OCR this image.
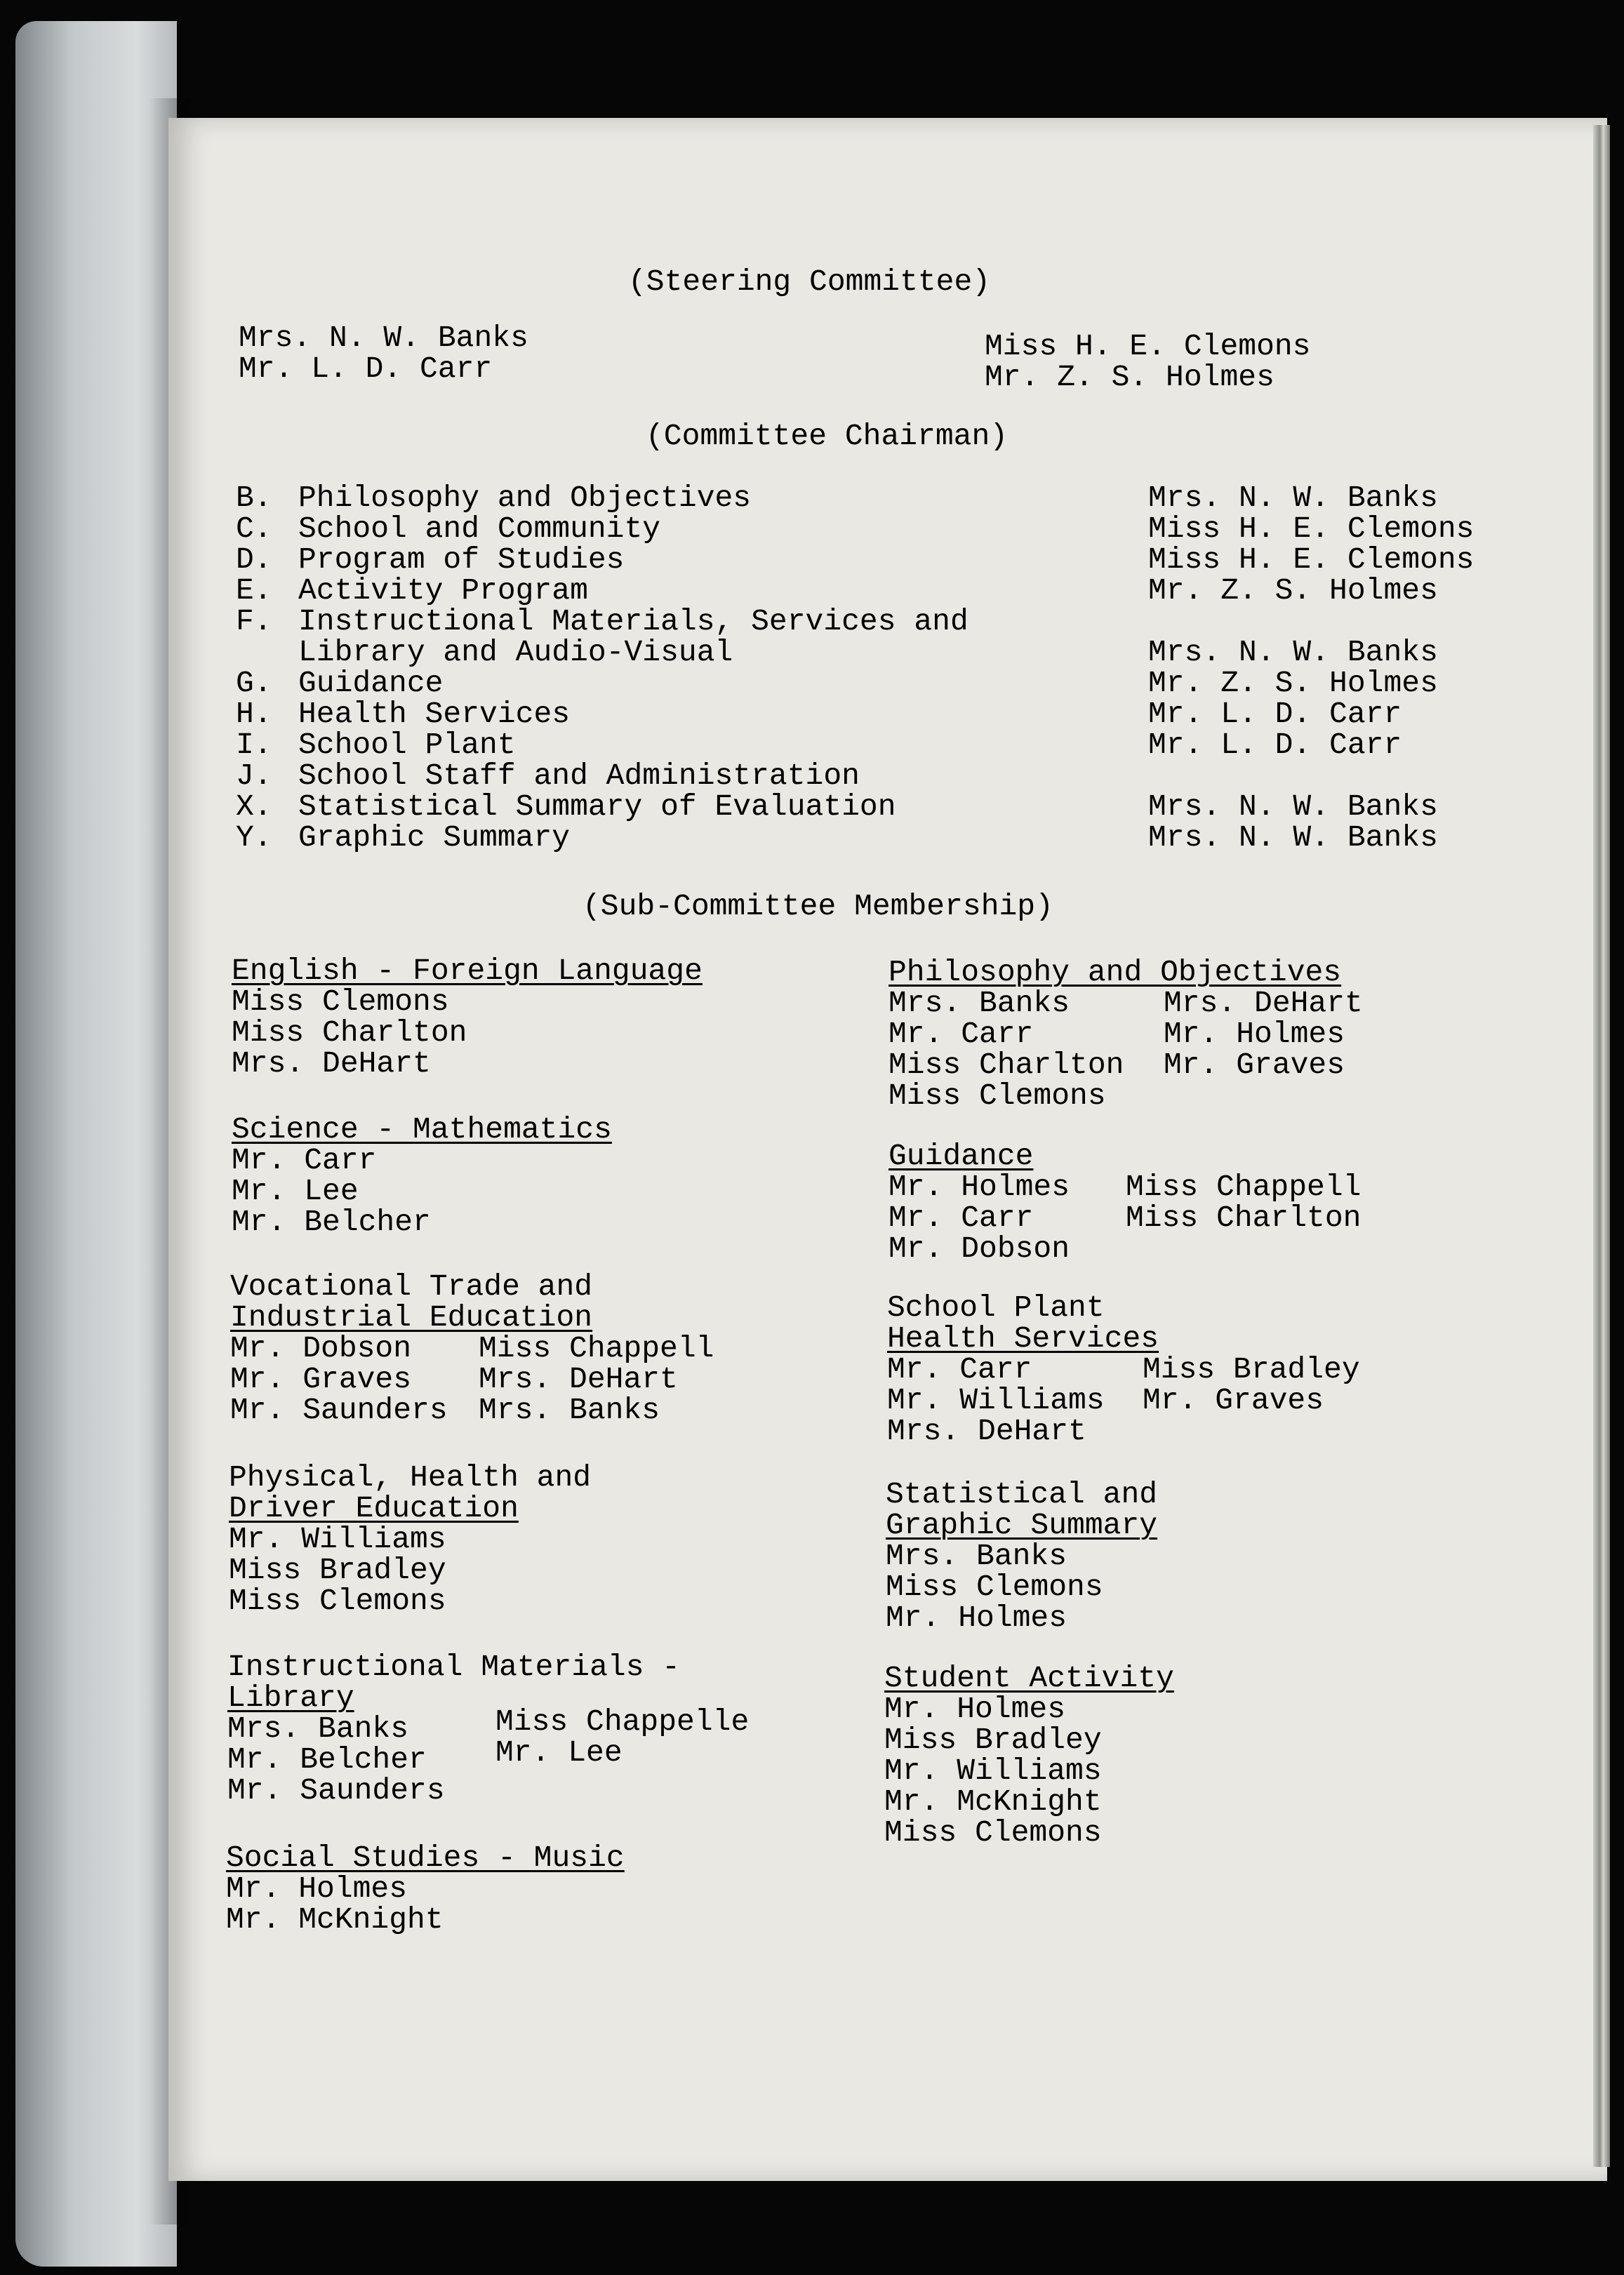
(Steering Committee)
Mrs. N. W. Banks
Mr. L. D. Carr
Miss H. E. Clemons
Mr. Z. S. Holmes
(Committee Chairman)
B.
C.
D.
E.
F.

G.
H.
I.
J.
X.
Y.
Philosophy and Objectives
School and Community
Program of Studies
Activity Program
Instructional Materials, Services and
Library and Audio-Visual
Guidance
Health Services
School Plant
School Staff and Administration
Statistical Summary of Evaluation
Graphic Summary
Mrs. N. W. Banks
Miss H. E. Clemons
Miss H. E. Clemons
Mr. Z. S. Holmes

Mrs. N. W. Banks
Mr. Z. S. Holmes
Mr. L. D. Carr
Mr. L. D. Carr

Mrs. N. W. Banks
Mrs. N. W. Banks
(Sub-Committee Membership)
English - Foreign Language
Miss Clemons
Miss Charlton
Mrs. DeHart
Science - Mathematics
Mr. Carr
Mr. Lee
Mr. Belcher
Vocational Trade and
Industrial Education
Mr. Dobson
Mr. Graves
Mr. Saunders
Miss Chappell
Mrs. DeHart
Mrs. Banks
Physical, Health and
Driver Education
Mr. Williams
Miss Bradley
Miss Clemons
Instructional Materials -
Library
Mrs. Banks
Mr. Belcher
Mr. Saunders
Miss Chappelle
Mr. Lee
Social Studies - Music
Mr. Holmes
Mr. McKnight
Philosophy and Objectives
Mrs. Banks
Mr. Carr
Miss Charlton
Miss Clemons
Mrs. DeHart
Mr. Holmes
Mr. Graves
Guidance
Mr. Holmes
Mr. Carr
Mr. Dobson
Miss Chappell
Miss Charlton
School Plant
Health Services
Mr. Carr
Mr. Williams
Mrs. DeHart
Miss Bradley
Mr. Graves
Statistical and
Graphic Summary
Mrs. Banks
Miss Clemons
Mr. Holmes
Student Activity
Mr. Holmes
Miss Bradley
Mr. Williams
Mr. McKnight
Miss Clemons
